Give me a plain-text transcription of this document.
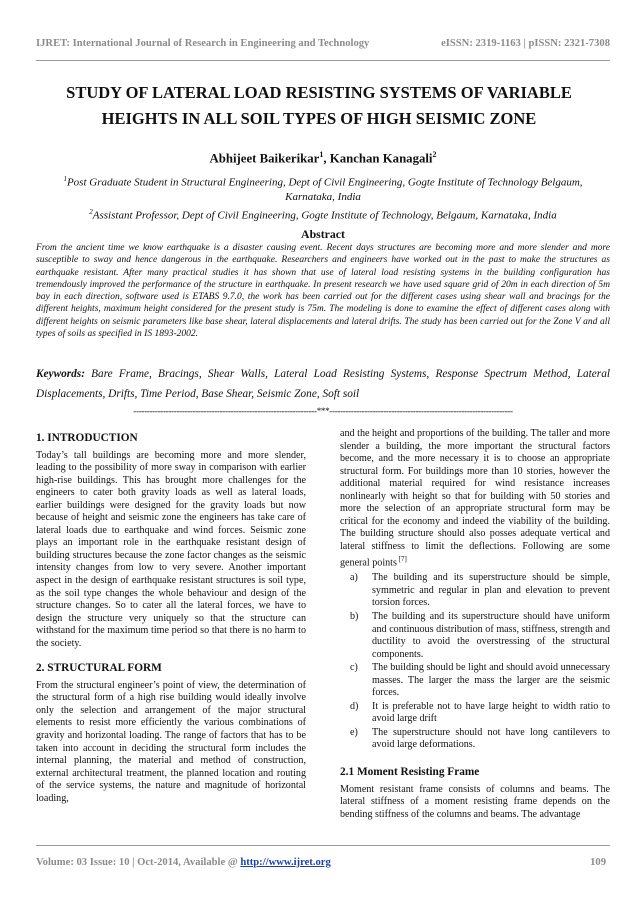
IJRET: International Journal of Research in Engineering and Technology	eISSN: 2319-1163 | pISSN: 2321-7308
STUDY OF LATERAL LOAD RESISTING SYSTEMS OF VARIABLE
HEIGHTS IN ALL SOIL TYPES OF HIGH SEISMIC ZONE
Abhijeet Baikerikar$^1$, Kanchan Kanagali$^2$
$^1$Post Graduate Student in Structural Engineering, Dept of Civil Engineering, Gogte Institute of Technology Belgaum,
Karnataka, India
$^2$Assistant Professor, Dept of Civil Engineering, Gogte Institute of Technology, Belgaum, Karnataka, India
Abstract
From the ancient time we know earthquake is a disaster causing event. Recent days structures are becoming more and more slender and more susceptible to sway and hence dangerous in the earthquake. Researchers and engineers have worked out in the past to make the structures as earthquake resistant. After many practical studies it has shown that use of lateral load resisting systems in the building configuration has tremendously improved the performance of the structure in earthquake. In present research we have used square grid of 20m in each direction of 5m bay in each direction, software used is ETABS 9.7.0, the work has been carried out for the different cases using shear wall and bracings for the different heights, maximum height considered for the present study is 75m. The modeling is done to examine the effect of different cases along with different heights on seismic parameters like base shear, lateral displacements and lateral drifts. The study has been carried out for the Zone V and all types of soils as specified in IS 1893-2002.
Keywords: Bare Frame, Bracings, Shear Walls, Lateral Load Resisting Systems, Response Spectrum Method, Lateral Displacements, Drifts, Time Period, Base Shear, Seismic Zone, Soft soil
--------------------------------------------------------------------***--------------------------------------------------------------------
1. INTRODUCTION

Today’s tall buildings are becoming more and more slender, leading to the possibility of more sway in comparison with earlier high-rise buildings. This has brought more challenges for the engineers to cater both gravity loads as well as lateral loads, earlier buildings were designed for the gravity loads but now because of height and seismic zone the engineers has take care of lateral loads due to earthquake and wind forces. Seismic zone plays an important role in the earthquake resistant design of building structures because the zone factor changes as the seismic intensity changes from low to very severe. Another important aspect in the design of earthquake resistant structures is soil type, as the soil type changes the whole behaviour and design of the structure changes. So to cater all the lateral forces, we have to design the structure very uniquely so that the structure can withstand for the maximum time period so that there is no harm to the society.

2. STRUCTURAL FORM

From the structural engineer’s point of view, the determination of the structural form of a high rise building would ideally involve only the selection and arrangement of the major structural elements to resist more efficiently the various combinations of gravity and horizontal loading. The range of factors that has to be taken into account in deciding the structural form includes the internal planning, the material and method of construction, external architectural treatment, the planned location and routing of the service systems, the nature and magnitude of horizontal loading,

and the height and proportions of the building. The taller and more slender a building, the more important the structural factors become, and the more necessary it is to choose an appropriate structural form. For buildings more than 10 stories, however the additional material required for wind resistance increases nonlinearly with height so that for building with 50 stories and more the selection of an appropriate structural form may be critical for the economy and indeed the viability of the building. The building structure should also posses adequate vertical and lateral stiffness to limit the deflections. Following are some general points [7]

a) The building and its superstructure should be simple, symmetric and regular in plan and elevation to prevent torsion forces.
b) The building and its superstructure should have uniform and continuous distribution of mass, stiffness, strength and ductility to avoid the overstressing of the structural components.
c) The building should be light and should avoid unnecessary masses. The larger the mass the larger are the seismic forces.
d) It is preferable not to have large height to width ratio to avoid large drift
e) The superstructure should not have long cantilevers to avoid large deformations.
2.1 Moment Resisting Frame

Moment resistant frame consists of columns and beams. The lateral stiffness of a moment resisting frame depends on the bending stiffness of the columns and beams. The advantage

Volume: 03 Issue: 10 | Oct-2014, Available @ http://www.ijret.org	109
